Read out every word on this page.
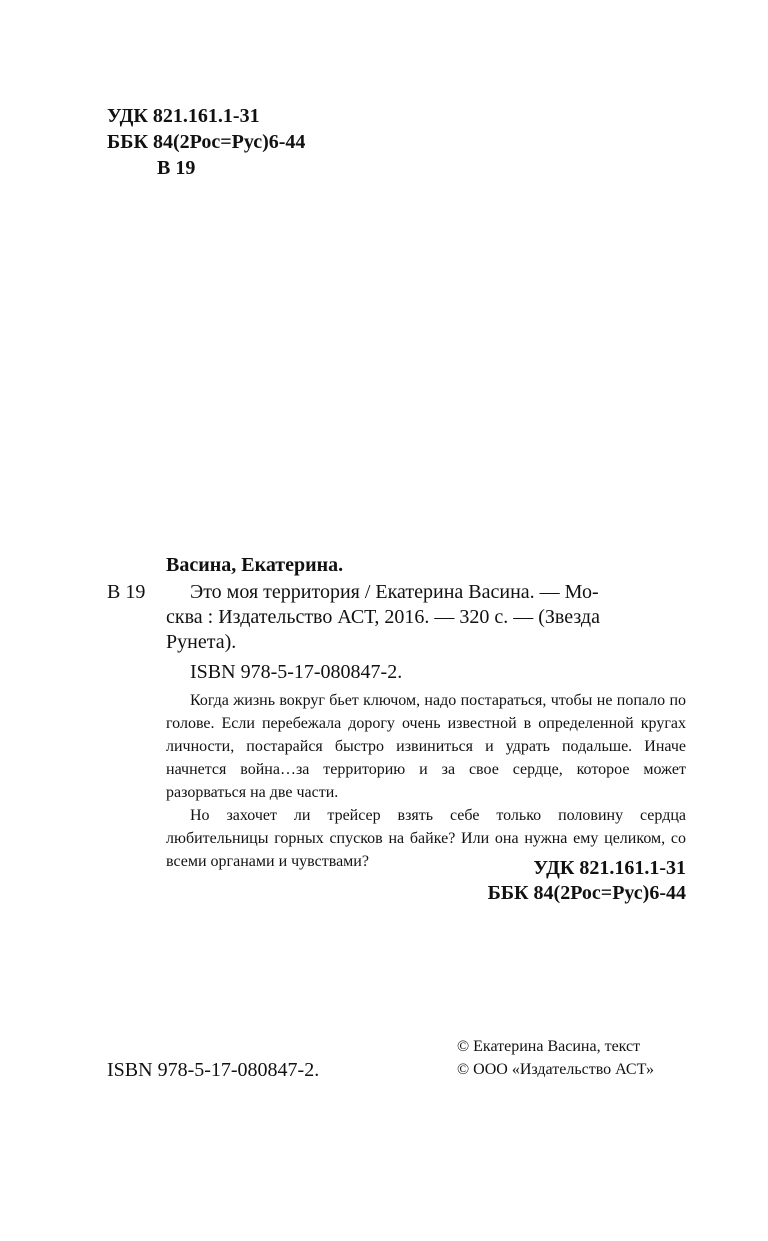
УДК 821.161.1-31
ББК 84(2Рос=Рус)6-44
В 19
Васина, Екатерина.
В 19 Это моя территория / Екатерина Васина. — Мо-
сква : Издательство АСТ, 2016. — 320 с. — (Звезда
Рунета).
ISBN 978-5-17-080847-2.

Когда жизнь вокруг бьет ключом, надо постараться, чтобы не попало по голове. Если перебежала дорогу очень известной в определенной кругах личности, постарайся быстро извиниться и удрать подальше. Иначе начнется война…за территорию и за свое сердце, которое может разорваться на две части.

Но захочет ли трейсер взять себе только половину сердца любительницы горных спусков на байке? Или она нужна ему целиком, со всеми органами и чувствами?	УДК 821.161.1-31
ББК 84(2Рос=Рус)6-44
ISBN 978-5-17-080847-2.
© Екатерина Васина, текст
© ООО «Издательство АСТ»
